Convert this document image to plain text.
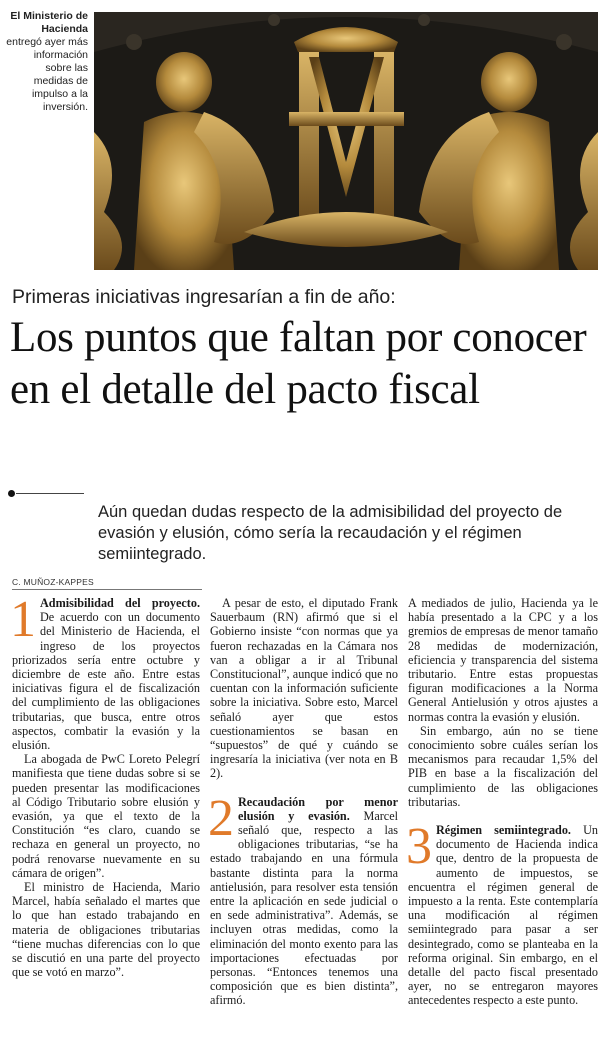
El Ministerio de Hacienda entregó ayer más información sobre las medidas de impulso a la inversión.
Primeras iniciativas ingresarían a fin de año:
Los puntos que faltan por conocer en el detalle del pacto fiscal
Aún quedan dudas respecto de la admisibilidad del proyecto de evasión y elusión, cómo sería la recaudación y el régimen semiintegrado.
C. MUÑOZ-KAPPES
1 Admisibilidad del proyecto. De acuerdo con un documento del Ministerio de Hacienda, el ingreso de los proyectos priorizados sería entre octubre y diciembre de este año. Entre estas iniciativas figura el de fiscalización del cumplimiento de las obligaciones tributarias, que busca, entre otros aspectos, combatir la evasión y la elusión.

La abogada de PwC Loreto Pelegrí manifiesta que tiene dudas sobre si se pueden presentar las modificaciones al Código Tributario sobre elusión y evasión, ya que el texto de la Constitución “es claro, cuando se rechaza en general un proyecto, no podrá renovarse nuevamente en su cámara de origen”.

El ministro de Hacienda, Mario Marcel, había señalado el martes que lo que han estado trabajando en materia de obligaciones tributarias “tiene muchas diferencias con lo que se discutió en una parte del proyecto que se votó en marzo”.

A pesar de esto, el diputado Frank Sauerbaum (RN) afirmó que si el Gobierno insiste “con normas que ya fueron rechazadas en la Cámara nos van a obligar a ir al Tribunal Constitucional”, aunque indicó que no cuentan con la información suficiente sobre la iniciativa. Sobre esto, Marcel señaló ayer que estos cuestionamientos se basan en “supuestos” de qué y cuándo se ingresaría la iniciativa (ver nota en B 2).

2 Recaudación por menor elusión y evasión. Marcel señaló que, respecto a las obligaciones tributarias, “se ha estado trabajando en una fórmula bastante distinta para la norma antielusión, para resolver esta tensión entre la aplicación en sede judicial o en sede administrativa”. Además, se incluyen otras medidas, como la eliminación del monto exento para las importaciones efectuadas por personas. “Entonces tenemos una composición que es bien distinta”, afirmó.

A mediados de julio, Hacienda ya le había presentado a la CPC y a los gremios de empresas de menor tamaño 28 medidas de modernización, eficiencia y transparencia del sistema tributario. Entre estas propuestas figuran modificaciones a la Norma General Antielusión y otros ajustes a normas contra la evasión y elusión.

Sin embargo, aún no se tiene conocimiento sobre cuáles serían los mecanismos para recaudar 1,5% del PIB en base a la fiscalización del cumplimiento de las obligaciones tributarias.

3 Régimen semiintegrado. Un documento de Hacienda indica que, dentro de la propuesta de aumento de impuestos, se encuentra el régimen general de impuesto a la renta. Este contemplaría una modificación al régimen semiintegrado para pasar a ser desintegrado, como se planteaba en la reforma original. Sin embargo, en el detalle del pacto fiscal presentado ayer, no se entregaron mayores antecedentes respecto a este punto.
